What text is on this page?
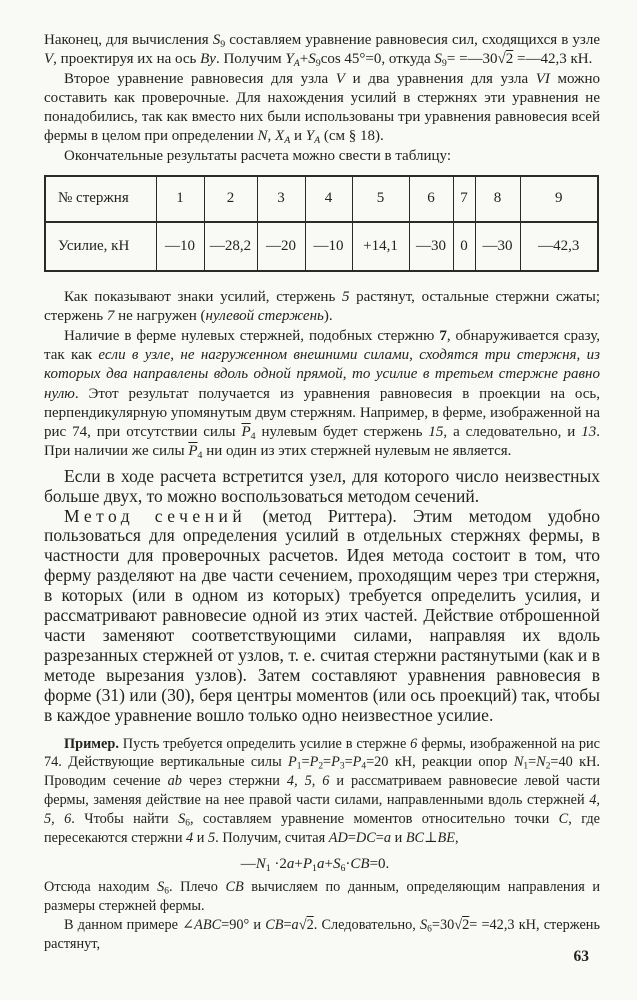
Наконец, для вычисления $S_9$ составляем уравнение равновесия сил, сходящихся в узле V, проектируя их на ось By. Получим $Y_A+S_9\cos$ 45°=0, откуда $S_9=$ =—30√2 =—42,3 кН.

Второе уравнение равновесия для узла V и два уравнения для узла VI можно составить как проверочные. Для нахождения усилий в стержнях эти уравнения не понадобились, так как вместо них были использованы три уравнения равновесия всей фермы в целом при определении N, $X_A$ и $Y_A$ (см § 18).

Окончательные результаты расчета можно свести в таблицу:

№ стержня	1	2	3	4	5	6	7	8	9
Усилие, кН	—10	—28,2	—20	—10	+14,1	—30	0	—30	—42,3

Как показывают знаки усилий, стержень 5 растянут, остальные стержни сжаты; стержень 7 не нагружен (нулевой стержень).

Наличие в ферме нулевых стержней, подобных стержню 7, обнаруживается сразу, так как если в узле, не нагруженном внешними силами, сходятся три стержня, из которых два направлены вдоль одной прямой, то усилие в третьем стержне равно нулю. Этот результат получается из уравнения равновесия в проекции на ось, перпендикулярную упомянутым двум стержням. Например, в ферме, изображенной на рис 74, при отсутствии силы $\overline{P}_4$ нулевым будет стержень 15, а следовательно, и 13. При наличии же силы $\overline{P}_4$ ни один из этих стержней нулевым не является.

Если в ходе расчета встретится узел, для которого число неизвестных больше двух, то можно воспользоваться методом сечений.

Метод сечений (метод Риттера). Этим методом удобно пользоваться для определения усилий в отдельных стержнях фермы, в частности для проверочных расчетов. Идея метода состоит в том, что ферму разделяют на две части сечением, проходящим через три стержня, в которых (или в одном из которых) требуется определить усилия, и рассматривают равновесие одной из этих частей. Действие отброшенной части заменяют соответствующими силами, направляя их вдоль разрезанных стержней от узлов, т. е. считая стержни растянутыми (как и в методе вырезания узлов). Затем составляют уравнения равновесия в форме (31) или (30), беря центры моментов (или ось проекций) так, чтобы в каждое уравнение вошло только одно неизвестное усилие.

Пример. Пусть требуется определить усилие в стержне 6 фермы, изображенной на рис 74. Действующие вертикальные силы $P_1=P_2=P_3=P_4=20$ кН, реакции опор $N_1=N_2=40$ кН. Проводим сечение ab через стержни 4, 5, 6 и рассматриваем равновесие левой части фермы, заменяя действие на нее правой части силами, направленными вдоль стержней 4, 5, 6. Чтобы найти $S_6$, составляем уравнение моментов относительно точки C, где пересекаются стержни 4 и 5. Получим, считая AD=DC=a и BC⊥BE,

$—N_1 \cdot 2a+P_1a+S_6\cdot CB=0$.

Отсюда находим $S_6$. Плечо CB вычисляем по данным, определяющим направления и размеры стержней фермы.

В данном примере ∠ABC=90° и CB=a√2. Следовательно, $S_6=30√2= =42,3$ кН, стержень растянут,

63
